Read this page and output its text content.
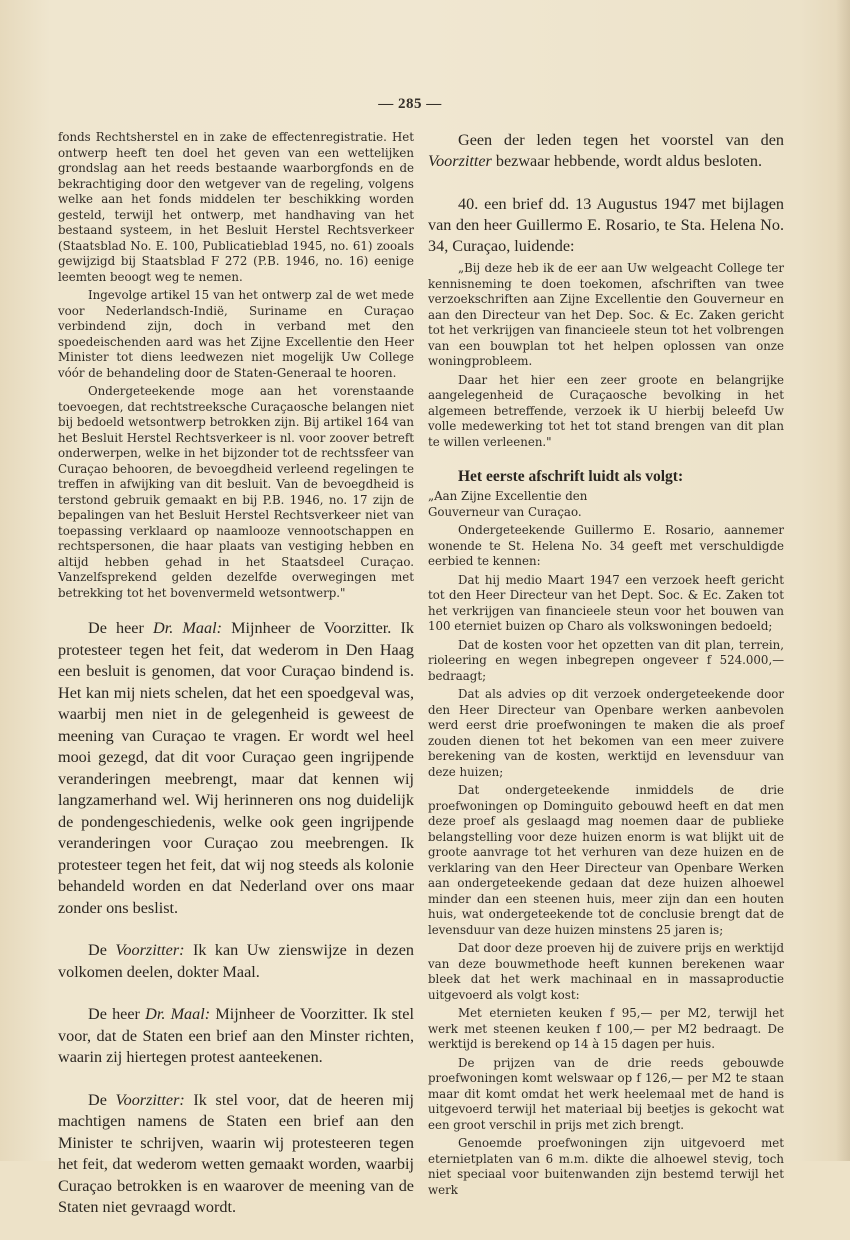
— 285 —

fonds Rechtsherstel en in zake de effectenregistratie. Het ontwerp heeft ten doel het geven van een wettelijken grondslag aan het reeds bestaande waarborgfonds en de bekrachtiging door den wetgever van de regeling, volgens welke aan het fonds middelen ter beschikking worden gesteld, terwijl het ontwerp, met handhaving van het bestaand systeem, in het Besluit Herstel Rechtsverkeer (Staatsblad No. E. 100, Publicatieblad 1945, no. 61) zooals gewijzigd bij Staatsblad F 272 (P.B. 1946, no. 16) eenige leemten beoogt weg te nemen.

Ingevolge artikel 15 van het ontwerp zal de wet mede voor Nederlandsch-Indië, Suriname en Curaçao verbindend zijn, doch in verband met den spoedeischenden aard was het Zijne Excellentie den Heer Minister tot diens leedwezen niet mogelijk Uw College vóór de behandeling door de Staten-Generaal te hooren.

Ondergeteekende moge aan het vorenstaande toevoegen, dat rechtstreeksche Curaçaosche belangen niet bij bedoeld wetsontwerp betrokken zijn. Bij artikel 164 van het Besluit Herstel Rechtsverkeer is nl. voor zoover betreft onderwerpen, welke in het bijzonder tot de rechtssfeer van Curaçao behooren, de bevoegdheid verleend regelingen te treffen in afwijking van dit besluit. Van de bevoegdheid is terstond gebruik gemaakt en bij P.B. 1946, no. 17 zijn de bepalingen van het Besluit Herstel Rechtsverkeer niet van toepassing verklaard op naamlooze vennootschappen en rechtspersonen, die haar plaats van vestiging hebben en altijd hebben gehad in het Staatsdeel Curaçao. Vanzelfsprekend gelden dezelfde overwegingen met betrekking tot het bovenvermeld wetsontwerp."

De heer Dr. Maal: Mijnheer de Voorzitter. Ik protesteer tegen het feit, dat wederom in Den Haag een besluit is genomen, dat voor Curaçao bindend is. Het kan mij niets schelen, dat het een spoedgeval was, waarbij men niet in de gelegenheid is geweest de meening van Curaçao te vragen. Er wordt wel heel mooi gezegd, dat dit voor Curaçao geen ingrijpende veranderingen meebrengt, maar dat kennen wij langzamerhand wel. Wij herinneren ons nog duidelijk de pondengeschiedenis, welke ook geen ingrijpende veranderingen voor Curaçao zou meebrengen. Ik protesteer tegen het feit, dat wij nog steeds als kolonie behandeld worden en dat Nederland over ons maar zonder ons beslist.

De Voorzitter: Ik kan Uw zienswijze in dezen volkomen deelen, dokter Maal.

De heer Dr. Maal: Mijnheer de Voorzitter. Ik stel voor, dat de Staten een brief aan den Minster richten, waarin zij hiertegen protest aanteekenen.

De Voorzitter: Ik stel voor, dat de heeren mij machtigen namens de Staten een brief aan den Minister te schrijven, waarin wij protesteeren tegen het feit, dat wederom wetten gemaakt worden, waarbij Curaçao betrokken is en waarover de meening van de Staten niet gevraagd wordt.

Geen der leden tegen het voorstel van den Voorzitter bezwaar hebbende, wordt aldus besloten.

40. een brief dd. 13 Augustus 1947 met bijlagen van den heer Guillermo E. Rosario, te Sta. Helena No. 34, Curaçao, luidende:

„Bij deze heb ik de eer aan Uw welgeacht College ter kennisneming te doen toekomen, afschriften van twee verzoekschriften aan Zijne Excellentie den Gouverneur en aan den Directeur van het Dep. Soc. & Ec. Zaken gericht tot het verkrijgen van financieele steun tot het volbrengen van een bouwplan tot het helpen oplossen van onze woningprobleem.

Daar het hier een zeer groote en belangrijke aangelegenheid de Curaçaosche bevolking in het algemeen betreffende, verzoek ik U hierbij beleefd Uw volle medewerking tot het tot stand brengen van dit plan te willen verleenen."

Het eerste afschrift luidt als volgt:

„Aan Zijne Excellentie den

Gouverneur van Curaçao.

Ondergeteekende Guillermo E. Rosario, aannemer wonende te St. Helena No. 34 geeft met verschuldigde eerbied te kennen:

Dat hij medio Maart 1947 een verzoek heeft gericht tot den Heer Directeur van het Dept. Soc. & Ec. Zaken tot het verkrijgen van financieele steun voor het bouwen van 100 eterniet buizen op Charo als volkswoningen bedoeld;

Dat de kosten voor het opzetten van dit plan, terrein, rioleering en wegen inbegrepen ongeveer f 524.000,— bedraagt;

Dat als advies op dit verzoek ondergeteekende door den Heer Directeur van Openbare werken aanbevolen werd eerst drie proefwoningen te maken die als proef zouden dienen tot het bekomen van een meer zuivere berekening van de kosten, werktijd en levensduur van deze huizen;

Dat ondergeteekende inmiddels de drie proefwoningen op Dominguito gebouwd heeft en dat men deze proef als geslaagd mag noemen daar de publieke belangstelling voor deze huizen enorm is wat blijkt uit de groote aanvrage tot het verhuren van deze huizen en de verklaring van den Heer Directeur van Openbare Werken aan ondergeteekende gedaan dat deze huizen alhoewel minder dan een steenen huis, meer zijn dan een houten huis, wat ondergeteekende tot de conclusie brengt dat de levensduur van deze huizen minstens 25 jaren is;

Dat door deze proeven hij de zuivere prijs en werktijd van deze bouwmethode heeft kunnen berekenen waar bleek dat het werk machinaal en in massaproductie uitgevoerd als volgt kost:

Met eternieten keuken f 95,— per M2, terwijl het werk met steenen keuken f 100,— per M2 bedraagt. De werktijd is berekend op 14 à 15 dagen per huis.

De prijzen van de drie reeds gebouwde proefwoningen komt welswaar op f 126,— per M2 te staan maar dit komt omdat het werk heelemaal met de hand is uitgevoerd terwijl het materiaal bij beetjes is gekocht wat een groot verschil in prijs met zich brengt.

Genoemde proefwoningen zijn uitgevoerd met eternietplaten van 6 m.m. dikte die alhoewel stevig, toch niet speciaal voor buitenwanden zijn bestemd terwijl het werk
